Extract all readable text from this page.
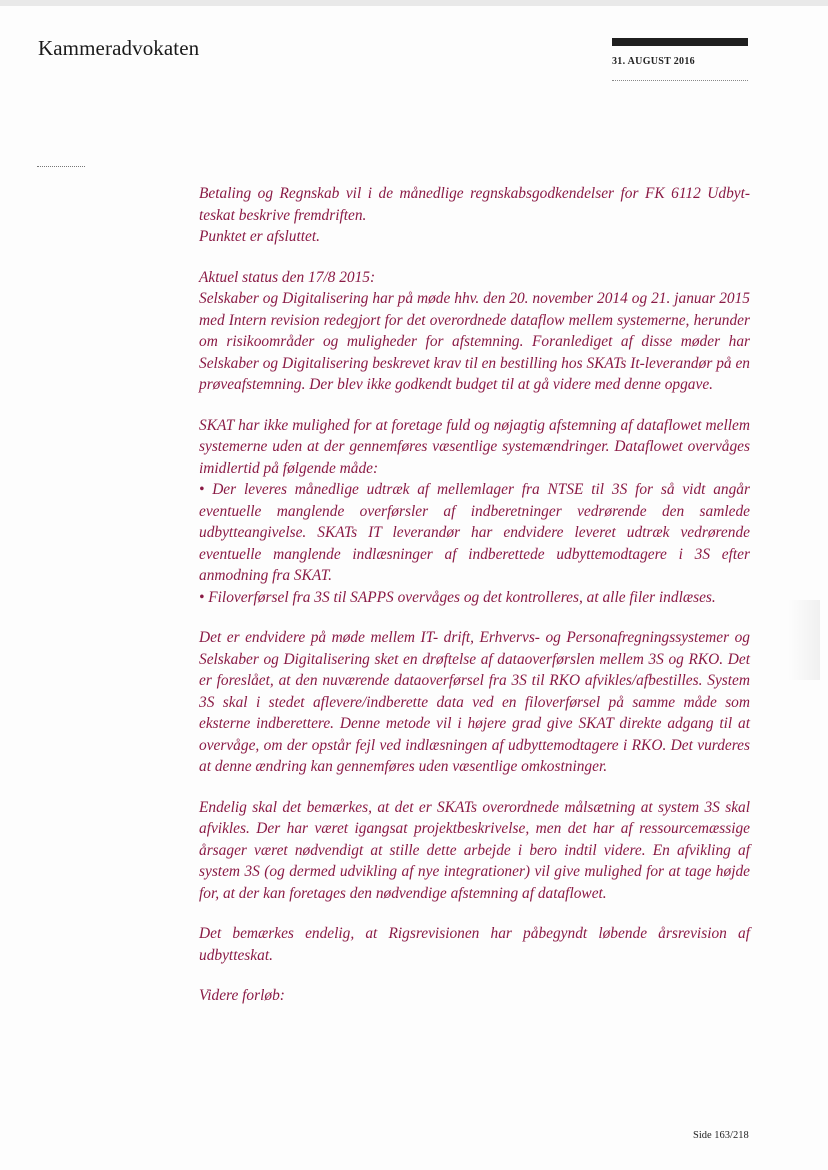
Kammeradvokaten
31. AUGUST 2016

Betaling og Regnskab vil i de månedlige regnskabsgodkendelser for FK 6112 Udbyt-
teskat beskrive fremdriften.
Punktet er afsluttet.

Aktuel status den 17/8 2015:

Selskaber og Digitalisering har på møde hhv. den 20. november 2014 og 21. januar 2015 med Intern revision redegjort for det overordnede dataflow mellem systemerne, herunder om risikoområder og muligheder for afstemning. Foranlediget af disse møder har Selskaber og Digitalisering beskrevet krav til en bestilling hos SKATs It-leverandør på en prøveafstemning. Der blev ikke godkendt budget til at gå videre med denne opgave.

SKAT har ikke mulighed for at foretage fuld og nøjagtig afstemning af dataflowet mellem systemerne uden at der gennemføres væsentlige systemændringer. Dataflowet overvåges imidlertid på følgende måde:

• Der leveres månedlige udtræk af mellemlager fra NTSE til 3S for så vidt angår eventuelle manglende overførsler af indberetninger vedrørende den samlede udbytteangivelse. SKATs IT leverandør har endvidere leveret udtræk vedrørende eventuelle manglende indlæsninger af indberettede udbyttemodtagere i 3S efter anmodning fra SKAT.

• Filoverførsel fra 3S til SAPPS overvåges og det kontrolleres, at alle filer indlæses.

Det er endvidere på møde mellem IT- drift, Erhvervs- og Personafregningssystemer og Selskaber og Digitalisering sket en drøftelse af dataoverførslen mellem 3S og RKO. Det er foreslået, at den nuværende dataoverførsel fra 3S til RKO afvikles/afbestilles. System 3S skal i stedet aflevere/indberette data ved en filoverførsel på samme måde som eksterne indberettere. Denne metode vil i højere grad give SKAT direkte adgang til at overvåge, om der opstår fejl ved indlæsningen af udbyttemodtagere i RKO. Det vurderes at denne ændring kan gennemføres uden væsentlige omkostninger.

Endelig skal det bemærkes, at det er SKATs overordnede målsætning at system 3S skal afvikles. Der har været igangsat projektbeskrivelse, men det har af ressourcemæssige årsager været nødvendigt at stille dette arbejde i bero indtil videre. En afvikling af system 3S (og dermed udvikling af nye integrationer) vil give mulighed for at tage højde for, at der kan foretages den nødvendige afstemning af dataflowet.

Det bemærkes endelig, at Rigsrevisionen har påbegyndt løbende årsrevision af udbytteskat.

Videre forløb:

Side 163/218
